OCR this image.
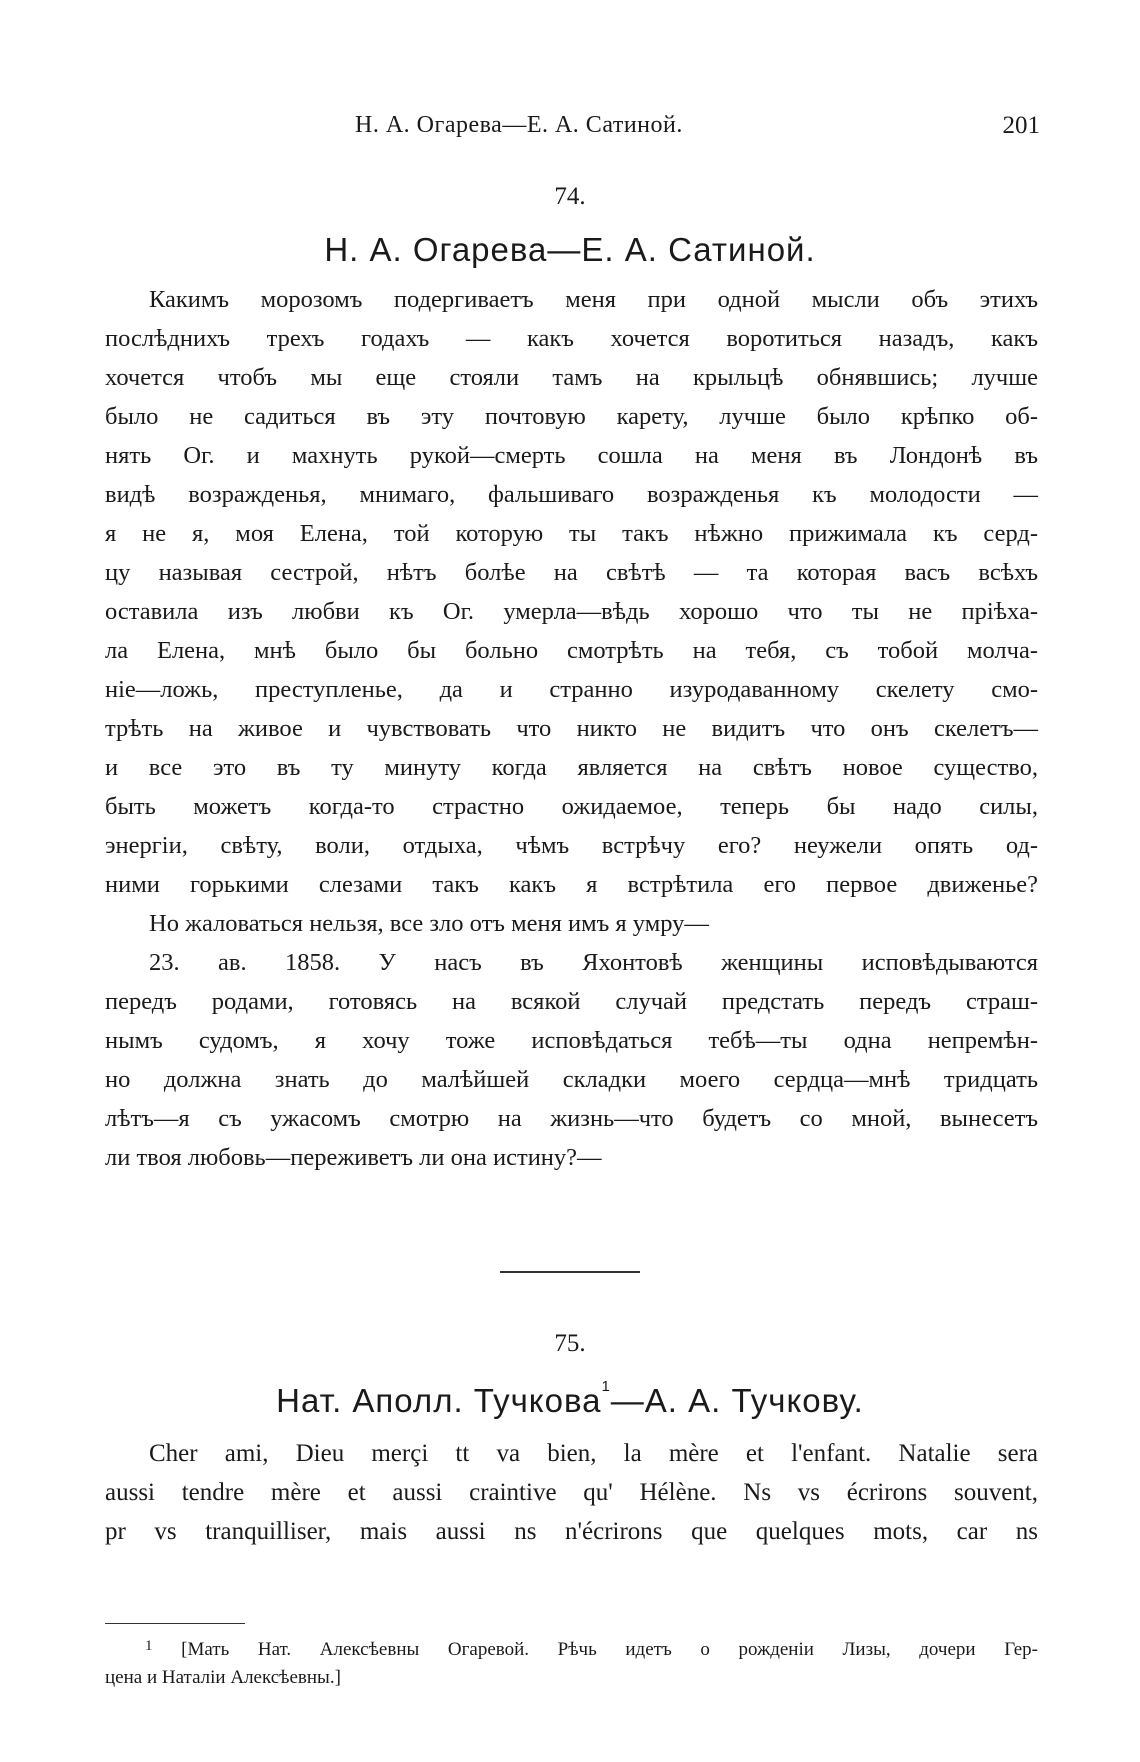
Н. А. Огарева—Е. А. Сатиной.	201
74.
Н. А. Огарева—Е. А. Сатиной.
Какимъ морозомъ подергиваетъ меня при одной мысли объ этихъ
послѣднихъ трехъ годахъ — какъ хочется воротиться назадъ, какъ
хочется чтобъ мы еще стояли тамъ на крыльцѣ обнявшись; лучше
было не садиться въ эту почтовую карету, лучше было крѣпко об-
нять Ог. и махнуть рукой—смерть сошла на меня въ Лондонѣ въ
видѣ возражденья, мнимаго, фальшиваго возражденья къ молодости —
я не я, моя Елена, той которую ты такъ нѣжно прижимала къ серд-
цу называя сестрой, нѣтъ болѣе на свѣтѣ — та которая васъ всѣхъ
оставила изъ любви къ Ог. умерла—вѣдь хорошо что ты не пріѣха-
ла Елена, мнѣ было бы больно смотрѣть на тебя, съ тобой молча-
ніе—ложь, преступленье, да и странно изуродаванному скелету смо-
трѣть на живое и чувствовать что никто не видитъ что онъ скелетъ—
и все это въ ту минуту когда является на свѣтъ новое существо,
быть можетъ когда-то страстно ожидаемое, теперь бы надо силы,
энергіи, свѣту, воли, отдыха, чѣмъ встрѣчу его? неужели опять од-
ними горькими слезами такъ какъ я встрѣтила его первое движенье?
Но жаловаться нельзя, все зло отъ меня имъ я умру—
23. ав. 1858. У насъ въ Яхонтовѣ женщины исповѣдываются
передъ родами, готовясь на всякой случай предстать передъ страш-
нымъ судомъ, я хочу тоже исповѣдаться тебѣ—ты одна непремѣн-
но должна знать до малѣйшей складки моего сердца—мнѣ тридцать
лѣтъ—я съ ужасомъ смотрю на жизнь—что будетъ со мной, вынесетъ
ли твоя любовь—переживетъ ли она истину?—
75.
Нат. Аполл. Тучкова$^1$—А. А. Тучкову.
Cher ami, Dieu merçi tt va bien, la mère et l'enfant. Natalie sera
aussi tendre mère et aussi craintive qu' Hélène. Ns vs écrirons souvent,
pr vs tranquilliser, mais aussi ns n'écrirons que quelques mots, car ns
$^1$ [Мать Нат. Алексѣевны Огаревой. Рѣчь идетъ о рожденіи Лизы, дочери Гер-
цена и Наталіи Алексѣевны.]
